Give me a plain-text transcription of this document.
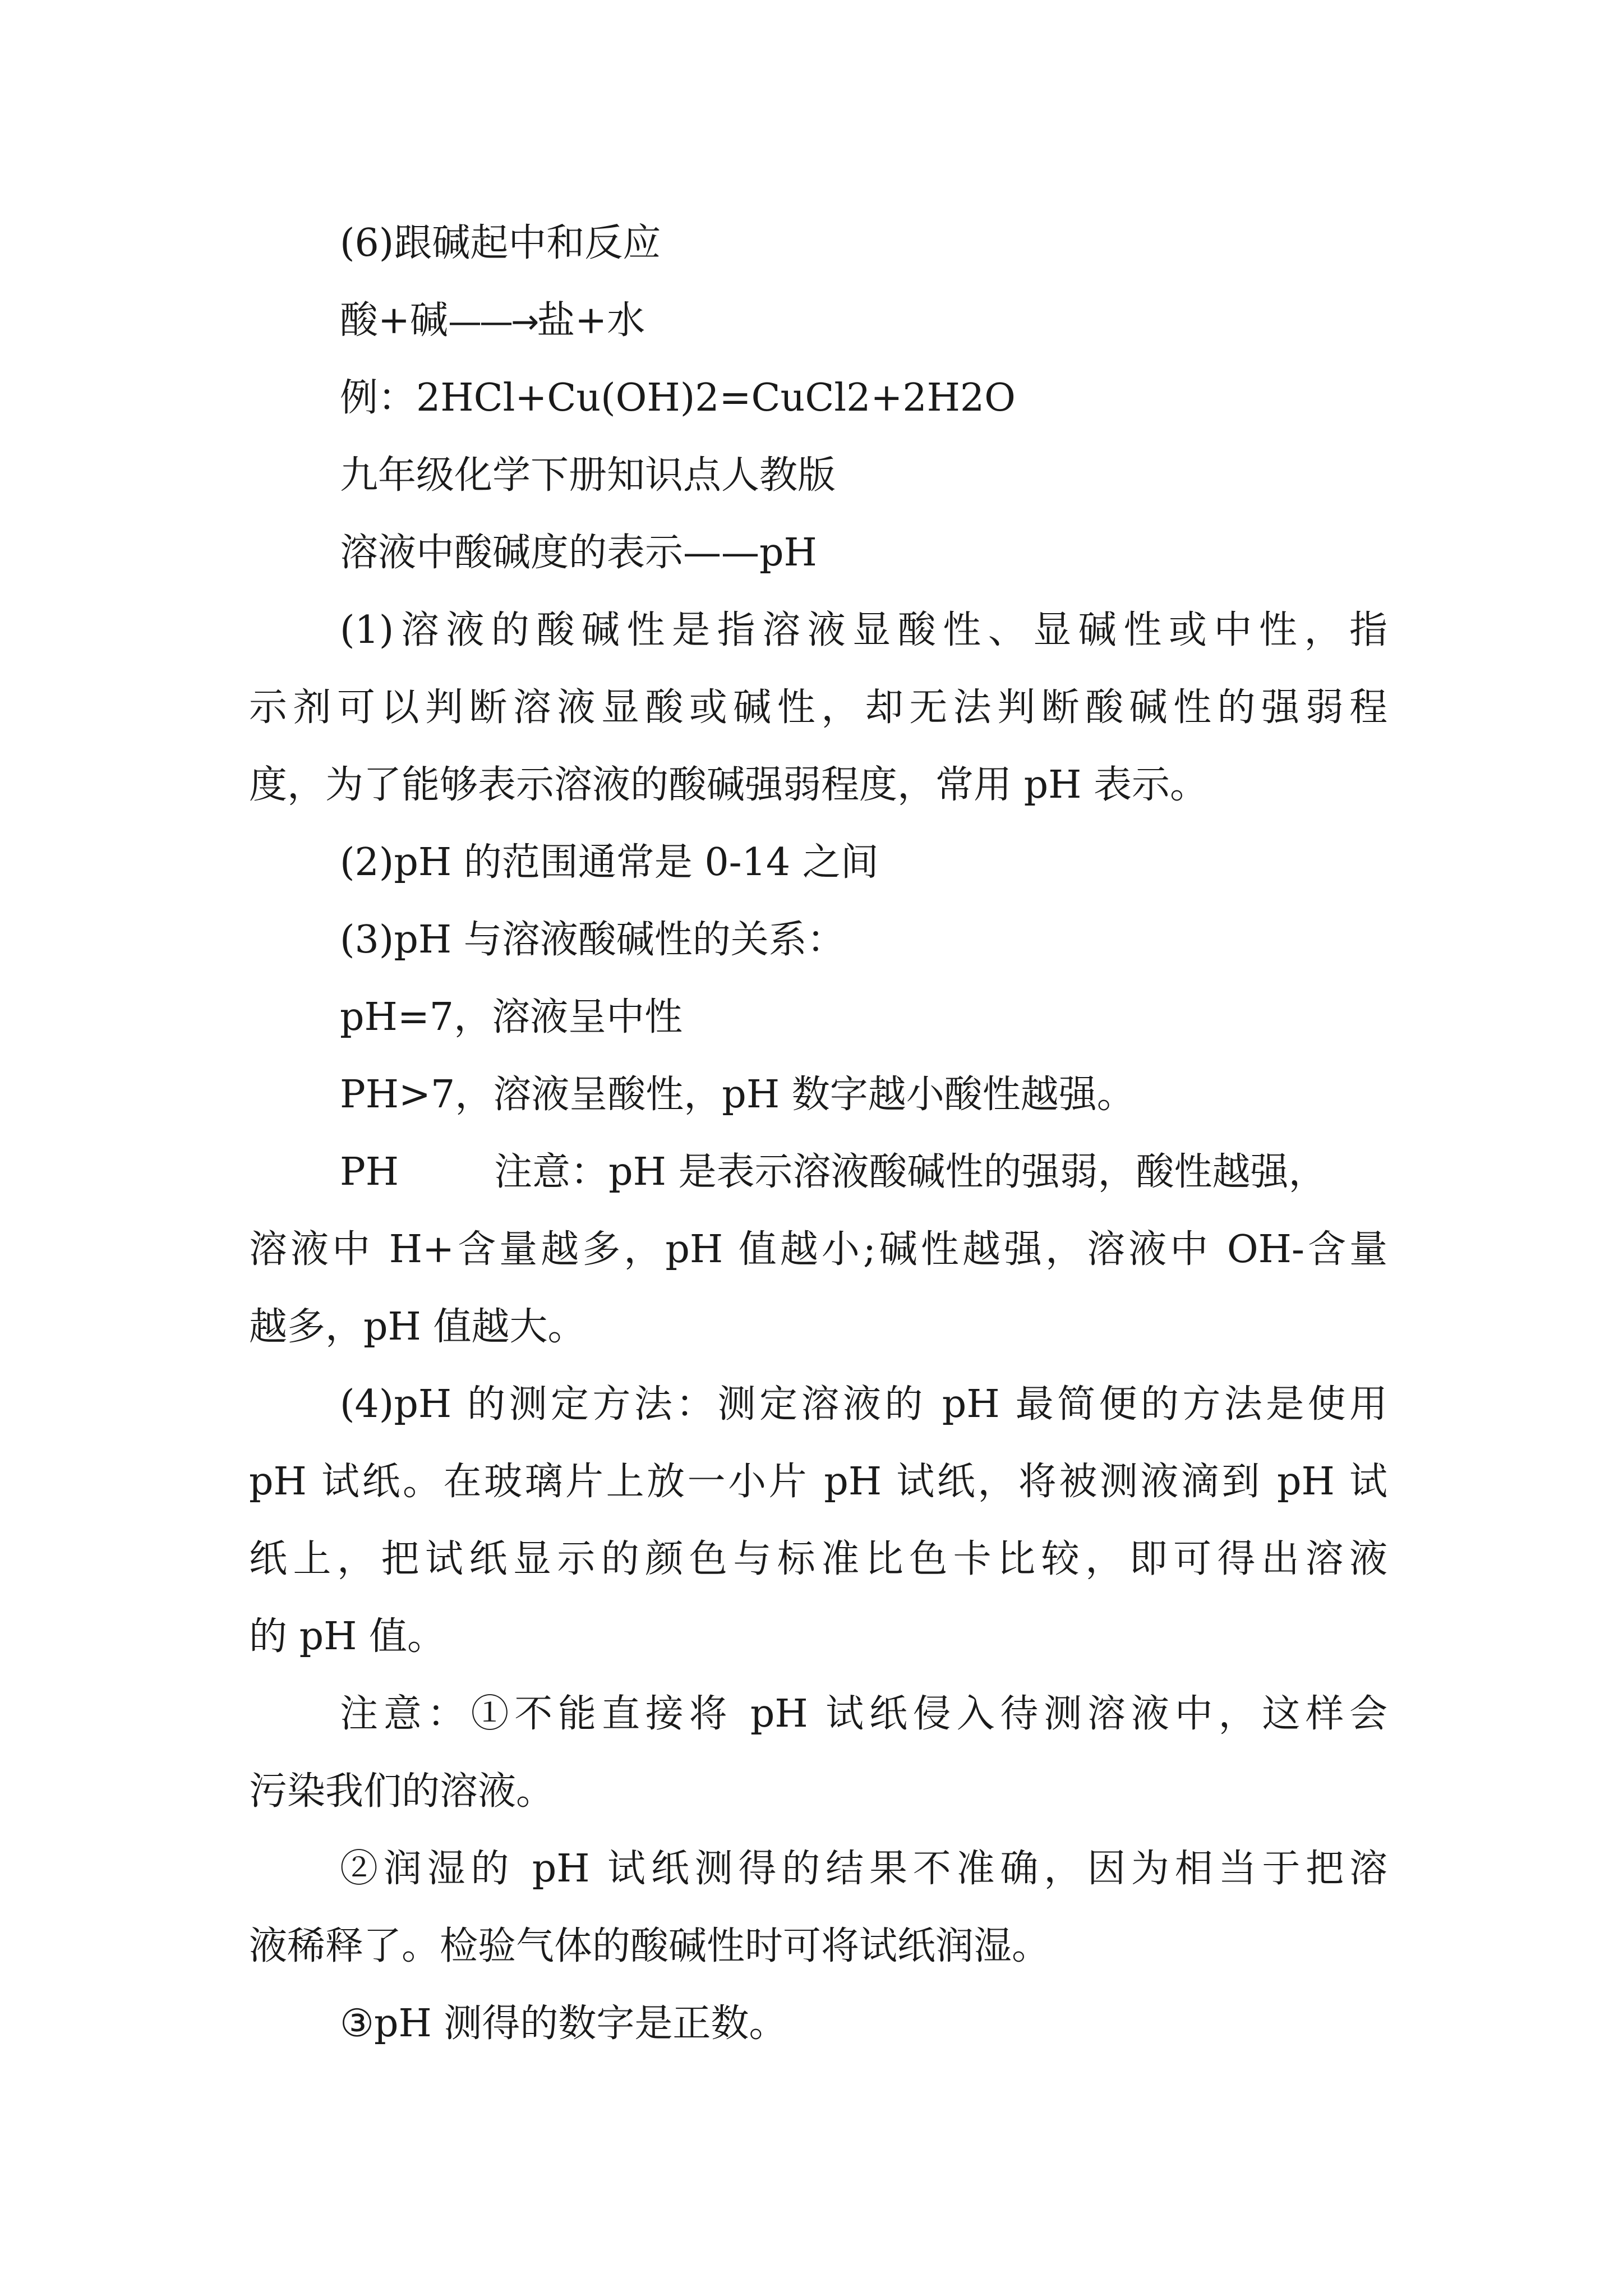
(6)跟碱起中和反应
酸+碱——→盐+水
例：2HCl+Cu(OH)2=CuCl2+2H2O
九年级化学下册知识点人教版
溶液中酸碱度的表示——pH
(1)溶液的酸碱性是指溶液显酸性、显碱性或中性，指
示剂可以判断溶液显酸或碱性，却无法判断酸碱性的强弱程
度，为了能够表示溶液的酸碱强弱程度，常用 pH 表示。
(2)pH 的范围通常是 0-14 之间
(3)pH 与溶液酸碱性的关系：
pH=7，溶液呈中性
PH>7，溶液呈酸性，pH 数字越小酸性越强。
PH	注意：pH 是表示溶液酸碱性的强弱，酸性越强，
溶液中 H+含量越多，pH 值越小;碱性越强，溶液中 OH-含量
越多，pH 值越大。
(4)pH 的测定方法：测定溶液的 pH 最简便的方法是使用
pH 试纸。在玻璃片上放一小片 pH 试纸，将被测液滴到 pH 试
纸上，把试纸显示的颜色与标准比色卡比较，即可得出溶液
的 pH 值。
注意：①不能直接将 pH 试纸侵入待测溶液中，这样会
污染我们的溶液。
②润湿的 pH 试纸测得的结果不准确，因为相当于把溶
液稀释了。检验气体的酸碱性时可将试纸润湿。
③pH 测得的数字是正数。
